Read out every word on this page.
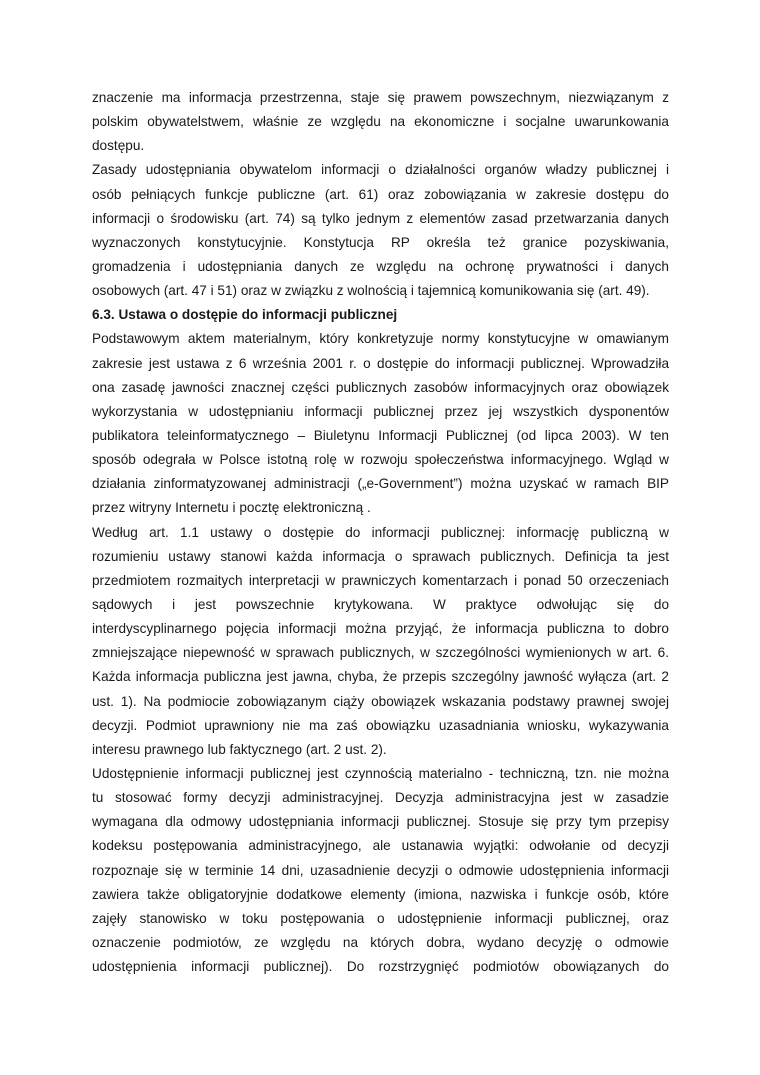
znaczenie ma informacja przestrzenna, staje się prawem powszechnym, niezwiązanym z
polskim obywatelstwem, właśnie ze względu na ekonomiczne i socjalne uwarunkowania
dostępu.
Zasady udostępniania obywatelom informacji o działalności organów władzy publicznej i
osób pełniących funkcje publiczne (art. 61) oraz zobowiązania w zakresie dostępu do
informacji o środowisku (art. 74) są tylko jednym z elementów zasad przetwarzania danych
wyznaczonych konstytucyjnie. Konstytucja RP określa też granice pozyskiwania,
gromadzenia i udostępniania danych ze względu na ochronę prywatności i danych
osobowych (art. 47 i 51) oraz w związku z wolnością i tajemnicą komunikowania się (art. 49).
6.3. Ustawa o dostępie do informacji publicznej
Podstawowym aktem materialnym, który konkretyzuje normy konstytucyjne w omawianym
zakresie jest ustawa z 6 września 2001 r. o dostępie do informacji publicznej. Wprowadziła
ona zasadę jawności znacznej części publicznych zasobów informacyjnych oraz obowiązek
wykorzystania w udostępnianiu informacji publicznej przez jej wszystkich dysponentów
publikatora teleinformatycznego – Biuletynu Informacji Publicznej (od lipca 2003). W ten
sposób odegrała w Polsce istotną rolę w rozwoju społeczeństwa informacyjnego. Wgląd w
działania zinformatyzowanej administracji („e-Government”) można uzyskać w ramach BIP
przez witryny Internetu i pocztę elektroniczną .
Według art. 1.1 ustawy o dostępie do informacji publicznej: informację publiczną w
rozumieniu ustawy stanowi każda informacja o sprawach publicznych. Definicja ta jest
przedmiotem rozmaitych interpretacji w prawniczych komentarzach i ponad 50 orzeczeniach
sądowych i jest powszechnie krytykowana. W praktyce odwołując się do
interdyscyplinarnego pojęcia informacji można przyjąć, że informacja publiczna to dobro
zmniejszające niepewność w sprawach publicznych, w szczególności wymienionych w art. 6.
Każda informacja publiczna jest jawna, chyba, że przepis szczególny jawność wyłącza (art. 2
ust. 1). Na podmiocie zobowiązanym ciąży obowiązek wskazania podstawy prawnej swojej
decyzji. Podmiot uprawniony nie ma zaś obowiązku uzasadniania wniosku, wykazywania
interesu prawnego lub faktycznego (art. 2 ust. 2).
Udostępnienie informacji publicznej jest czynnością materialno - techniczną, tzn. nie można
tu stosować formy decyzji administracyjnej. Decyzja administracyjna jest w zasadzie
wymagana dla odmowy udostępniania informacji publicznej. Stosuje się przy tym przepisy
kodeksu postępowania administracyjnego, ale ustanawia wyjątki: odwołanie od decyzji
rozpoznaje się w terminie 14 dni, uzasadnienie decyzji o odmowie udostępnienia informacji
zawiera także obligatoryjnie dodatkowe elementy (imiona, nazwiska i funkcje osób, które
zajęły stanowisko w toku postępowania o udostępnienie informacji publicznej, oraz
oznaczenie podmiotów, ze względu na których dobra, wydano decyzję o odmowie
udostępnienia informacji publicznej). Do rozstrzygnięć podmiotów obowiązanych do
